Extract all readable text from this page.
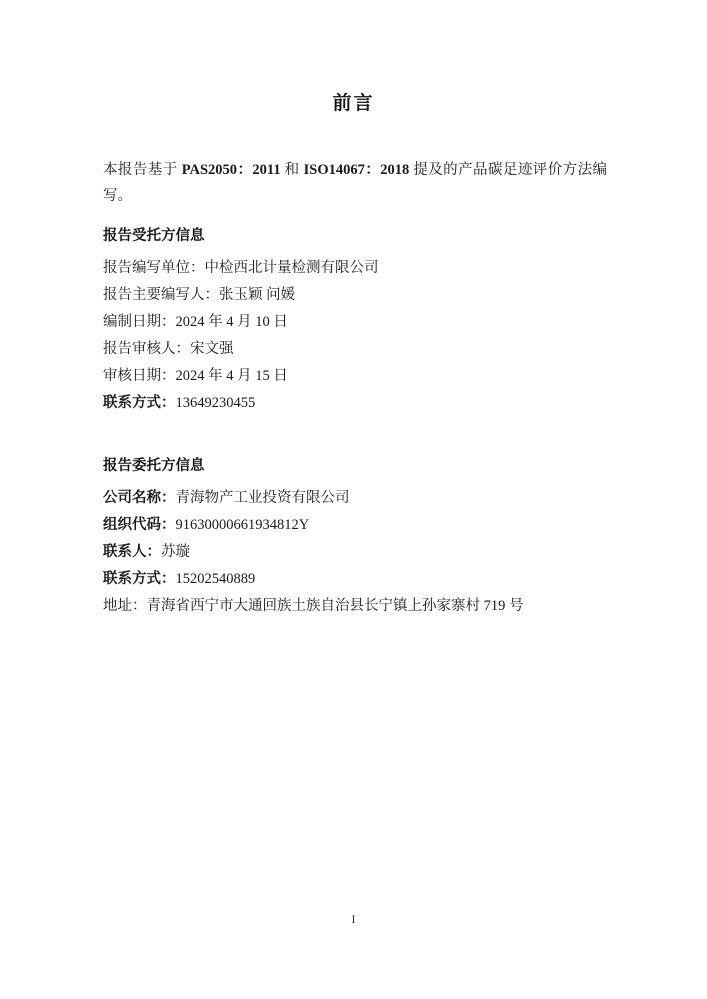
前言

本报告基于 PAS2050：2011 和 ISO14067：2018 提及的产品碳足迹评价方法编写。

报告受托方信息
报告编写单位：中检西北计量检测有限公司
报告主要编写人：张玉颖 问媛
编制日期：2024 年 4 月 10 日
报告审核人：宋文强
审核日期：2024 年 4 月 15 日
联系方式：13649230455
报告委托方信息
公司名称：青海物产工业投资有限公司
组织代码：91630000661934812Y
联系人：苏璇
联系方式：15202540889
地址：青海省西宁市大通回族土族自治县长宁镇上孙家寨村 719 号
I
